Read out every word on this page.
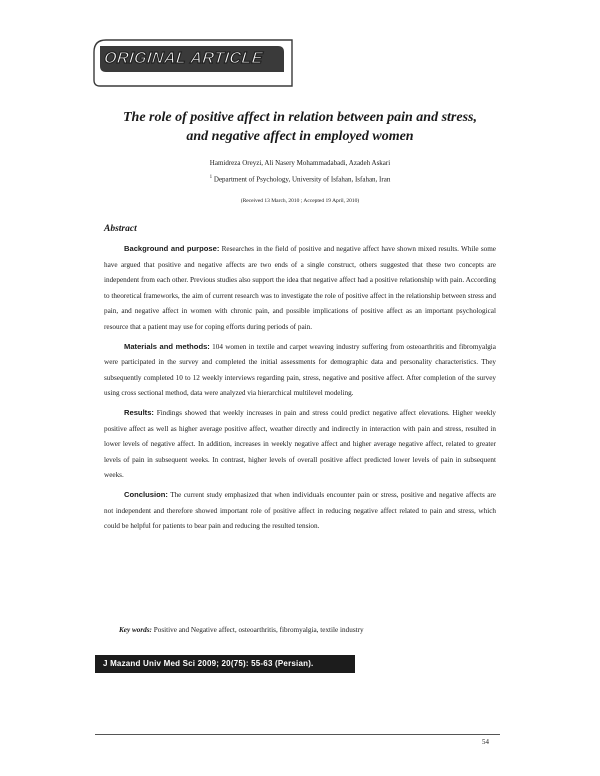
ORIGINAL ARTICLE
The role of positive affect in relation between pain and stress,
and negative affect in employed women
Hamidreza Oreyzi, Ali Nasery Mohammadabadi, Azadeh Askari
$^1$ Department of Psychology, University of Isfahan, Isfahan, Iran
(Received 13 March, 2010 ; Accepted 19 April, 2010)
Abstract

Background and purpose: Researches in the field of positive and negative affect have shown mixed results. While some have argued that positive and negative affects are two ends of a single construct, others suggested that these two concepts are independent from each other. Previous studies also support the idea that negative affect had a positive relationship with pain. According to theoretical frameworks, the aim of current research was to investigate the role of positive affect in the relationship between stress and pain, and negative affect in women with chronic pain, and possible implications of positive affect as an important psychological resource that a patient may use for coping efforts during periods of pain.

Materials and methods: 104 women in textile and carpet weaving industry suffering from osteoarthritis and fibromyalgia were participated in the survey and completed the initial assessments for demographic data and personality characteristics. They subsequently completed 10 to 12 weekly interviews regarding pain, stress, negative and positive affect. After completion of the survey using cross sectional method, data were analyzed via hierarchical multilevel modeling.

Results: Findings showed that weekly increases in pain and stress could predict negative affect elevations. Higher weekly positive affect as well as higher average positive affect, weather directly and indirectly in interaction with pain and stress, resulted in lower levels of negative affect. In addition, increases in weekly negative affect and higher average negative affect, related to greater levels of pain in subsequent weeks. In contrast, higher levels of overall positive affect predicted lower levels of pain in subsequent weeks.

Conclusion: The current study emphasized that when individuals encounter pain or stress, positive and negative affects are not independent and therefore showed important role of positive affect in reducing negative affect related to pain and stress, which could be helpful for patients to bear pain and reducing the resulted tension.

Key words: Positive and Negative affect, osteoarthritis, fibromyalgia, textile industry
J Mazand Univ Med Sci 2009; 20(75): 55-63 (Persian).
54
